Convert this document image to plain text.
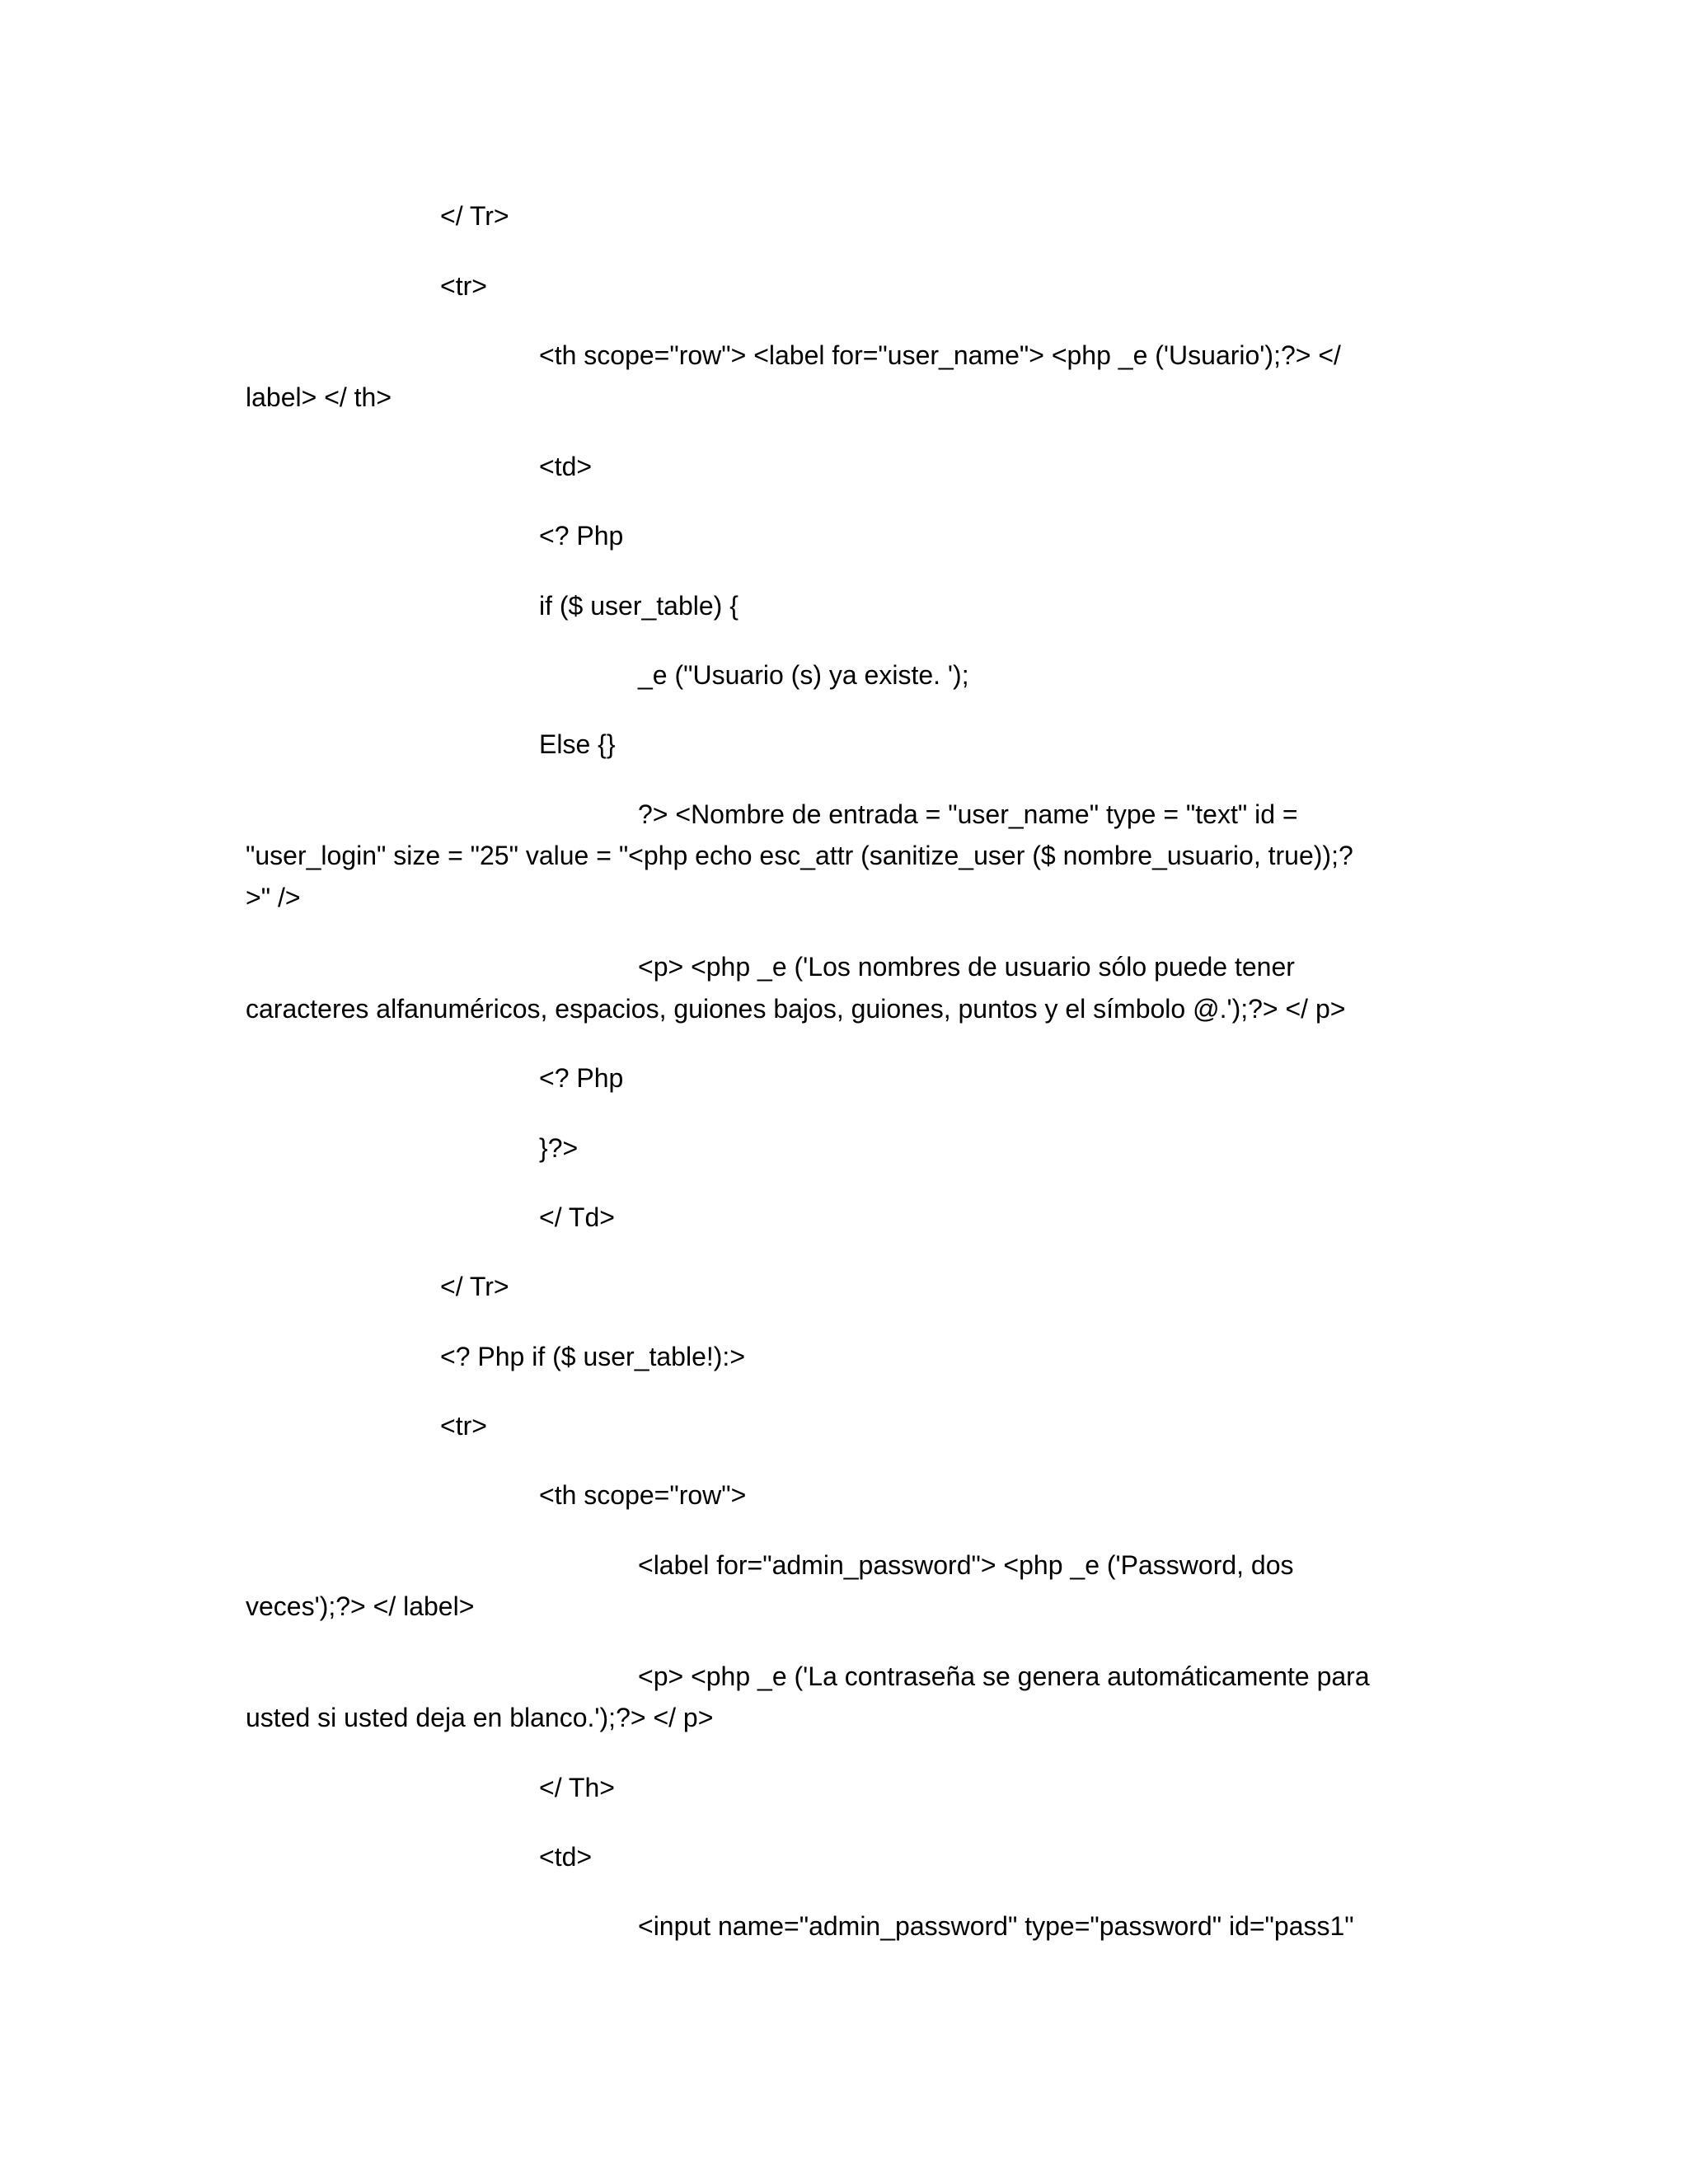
</ Tr>

<tr>

<th scope="row"> <label for="user_name"> <php _e ('Usuario');?> </

label> </ th>

<td>

<? Php

if ($ user_table) {

_e ("Usuario (s) ya existe. ');

Else {}

?> <Nombre de entrada = "user_name" type = "text" id =

"user_login" size = "25" value = "<php echo esc_attr (sanitize_user ($ nombre_usuario, true));?

>" />

<p> <php _e ('Los nombres de usuario sólo puede tener

caracteres alfanuméricos, espacios, guiones bajos, guiones, puntos y el símbolo @.');?> </ p>

<? Php

}?>

</ Td>

</ Tr>

<? Php if ($ user_table!):>

<tr>

<th scope="row">

<label for="admin_password"> <php _e ('Password, dos

veces');?> </ label>

<p> <php _e ('La contraseña se genera automáticamente para

usted si usted deja en blanco.');?> </ p>

</ Th>

<td>

<input name="admin_password" type="password" id="pass1"
